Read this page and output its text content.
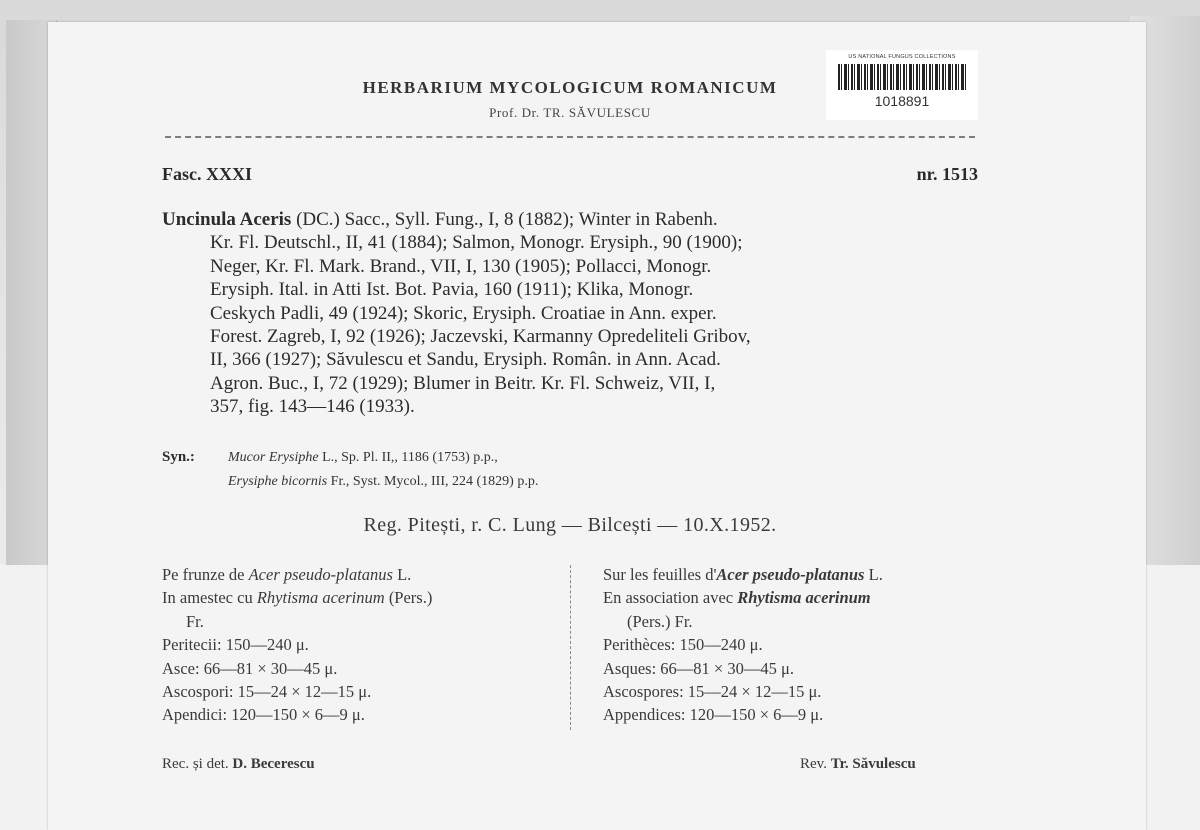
HERBARIUM MYCOLOGICUM ROMANICUM
Prof. Dr. TR. SĂVULESCU
US NATIONAL FUNGUS COLLECTIONS
1018891
Fasc. XXXI	nr. 1513
Uncinula Aceris (DC.) Sacc., Syll. Fung., I, 8 (1882); Winter in Rabenh.
Kr. Fl. Deutschl., II, 41 (1884); Salmon, Monogr. Erysiph., 90 (1900);
Neger, Kr. Fl. Mark. Brand., VII, I, 130 (1905); Pollacci, Monogr.
Erysiph. Ital. in Atti Ist. Bot. Pavia, 160 (1911); Klika, Monogr.
Ceskych Padli, 49 (1924); Skoric, Erysiph. Croatiae in Ann. exper.
Forest. Zagreb, I, 92 (1926); Jaczevski, Karmanny Opredeliteli Gribov,
II, 366 (1927); Săvulescu et Sandu, Erysiph. Român. in Ann. Acad.
Agron. Buc., I, 72 (1929); Blumer in Beitr. Kr. Fl. Schweiz, VII, I,
357, fig. 143—146 (1933).
Syn.: Mucor Erysiphe L., Sp. Pl. II,, 1186 (1753) p.p.,
Erysiphe bicornis Fr., Syst. Mycol., III, 224 (1829) p.p.
Reg. Pitești, r. C. Lung — Bilcești — 10.X.1952.
Pe frunze de Acer pseudo-platanus L.
In amestec cu Rhytisma acerinum (Pers.)
Fr.
Peritecii: 150—240 μ.
Asce: 66—81 × 30—45 μ.
Ascospori: 15—24 × 12—15 μ.
Apendici: 120—150 × 6—9 μ.
Sur les feuilles d'Acer pseudo-platanus L.
En association avec Rhytisma acerinum
(Pers.) Fr.
Perithèces: 150—240 μ.
Asques: 66—81 × 30—45 μ.
Ascospores: 15—24 × 12—15 μ.
Appendices: 120—150 × 6—9 μ.
Rec. și det. D. Becerescu	Rev. Tr. Săvulescu
